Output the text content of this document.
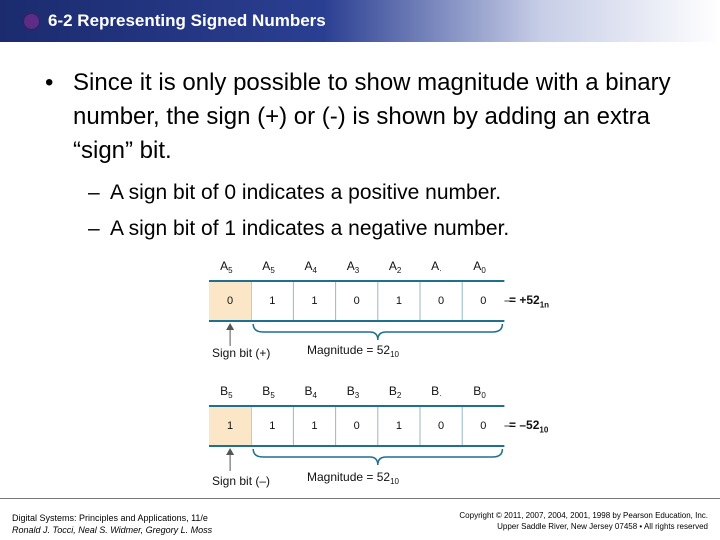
6-2 Representing Signed Numbers
• Since it is only possible to show magnitude with a binary number, the sign (+) or (-) is shown by adding an extra “sign” bit.
– A sign bit of 0 indicates a positive number.
– A sign bit of 1 indicates a negative number.
Sign bit (+)	Magnitude = $52_{10}$
= $+52_{1n}$
Sign bit (–)	Magnitude = $52_{10}$
= $-52_{10}$
$A_5$ $A_5$ $A_4$ $A_3$ $A_2$ $A_\cdot$	$A_0$
0	1	1	0	1	0	0
$B_5$ $B_5$ $B_4$ $B_3$ $B_2$ $B_\cdot$	$B_0$
1	1	1	0	1	0	0
Digital Systems: Principles and Applications, 11/e
Ronald J. Tocci, Neal S. Widmer, Gregory L. Moss
Copyright © 2011, 2007, 2004, 2001, 1998 by Pearson Education, Inc.
Upper Saddle River, New Jersey 07458 • All rights reserved
